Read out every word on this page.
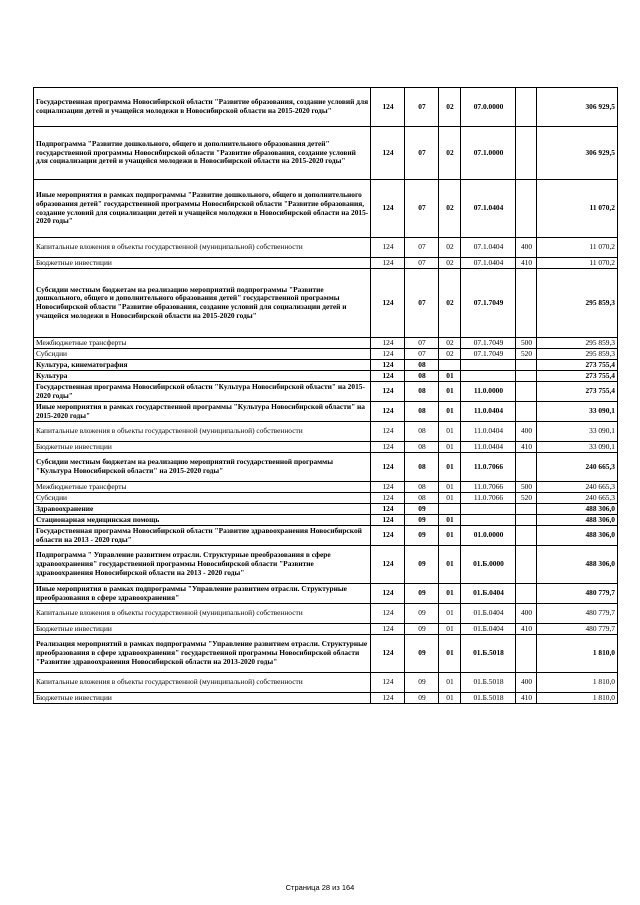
Государственная программа Новосибирской области "Развитие образования, создание условий для социализации детей и учащейся молодежи в Новосибирской области на 2015-2020 годы"	124	07	02	07.0.0000		306 929,5
Подпрограмма "Развитие дошкольного, общего и дополнительного образования детей" государственной программы Новосибирской области "Развитие образования, создание условий для социализации детей и учащейся молодежи в Новосибирской области на 2015-2020 годы"	124	07	02	07.1.0000		306 929,5
Иные мероприятия в рамках подпрограммы "Развитие дошкольного, общего и дополнительного образования детей" государственной программы Новосибирской области "Развитие образования, создание условий для социализации детей и учащейся молодежи в Новосибирской области на 2015-2020 годы"	124	07	02	07.1.0404		11 070,2
Капитальные вложения в объекты государственной (муниципальной) собственности	124	07	02	07.1.0404	400	11 070,2
Бюджетные инвестиции	124	07	02	07.1.0404	410	11 070,2
Субсидии местным бюджетам на реализацию мероприятий подпрограммы "Развитие дошкольного, общего и дополнительного образования детей" государственной программы Новосибирской области "Развитие образования, создание условий для социализации детей и учащейся молодежи в Новосибирской области на 2015-2020 годы"	124	07	02	07.1.7049		295 859,3
Межбюджетные трансферты	124	07	02	07.1.7049	500	295 859,3
Субсидии	124	07	02	07.1.7049	520	295 859,3
Культура, кинематография	124	08				273 755,4
Культура	124	08	01			273 755,4
Государственная программа Новосибирской области "Культура Новосибирской области" на 2015-2020 годы"	124	08	01	11.0.0000		273 755,4
Иные мероприятия в рамках государственной программы "Культура Новосибирской области" на 2015-2020 годы"	124	08	01	11.0.0404		33 090,1
Капитальные вложения в объекты государственной (муниципальной) собственности	124	08	01	11.0.0404	400	33 090,1
Бюджетные инвестиции	124	08	01	11.0.0404	410	33 090,1
Субсидии местным бюджетам на реализацию мероприятий государственной программы "Культура Новосибирской области" на 2015-2020 годы"	124	08	01	11.0.7066		240 665,3
Межбюджетные трансферты	124	08	01	11.0.7066	500	240 665,3
Субсидии	124	08	01	11.0.7066	520	240 665,3
Здравоохранение	124	09				488 306,0
Стационарная медицинская помощь	124	09	01			488 306,0
Государственная программа Новосибирской области "Развитие здравоохранения Новосибирской области на 2013 - 2020 годы"	124	09	01	01.0.0000		488 306,0
Подпрограмма " Управление развитием отрасли. Структурные преобразования в сфере здравоохранения" государственной программы Новосибирской области "Развитие здравоохранения Новосибирской области на 2013 - 2020 годы"	124	09	01	01.Б.0000		488 306,0
Иные мероприятия в рамках подпрограммы "Управление развитием отрасли. Структурные преобразования в сфере здравоохранения"	124	09	01	01.Б.0404		480 779,7
Капитальные вложения в объекты государственной (муниципальной) собственности	124	09	01	01.Б.0404	400	480 779,7
Бюджетные инвестиции	124	09	01	01.Б.0404	410	480 779,7
Реализация мероприятий в рамках подпрограммы "Управление развитием отрасли. Структурные преобразования в сфере здравоохранения" государственной программы Новосибирской области "Развитие здравоохранения Новосибирской области на 2013-2020 годы"	124	09	01	01.Б.5018		1 810,0
Капитальные вложения в объекты государственной (муниципальной) собственности	124	09	01	01.Б.5018	400	1 810,0
Бюджетные инвестиции	124	09	01	01.Б.5018	410	1 810,0
Страница 28 из 164
